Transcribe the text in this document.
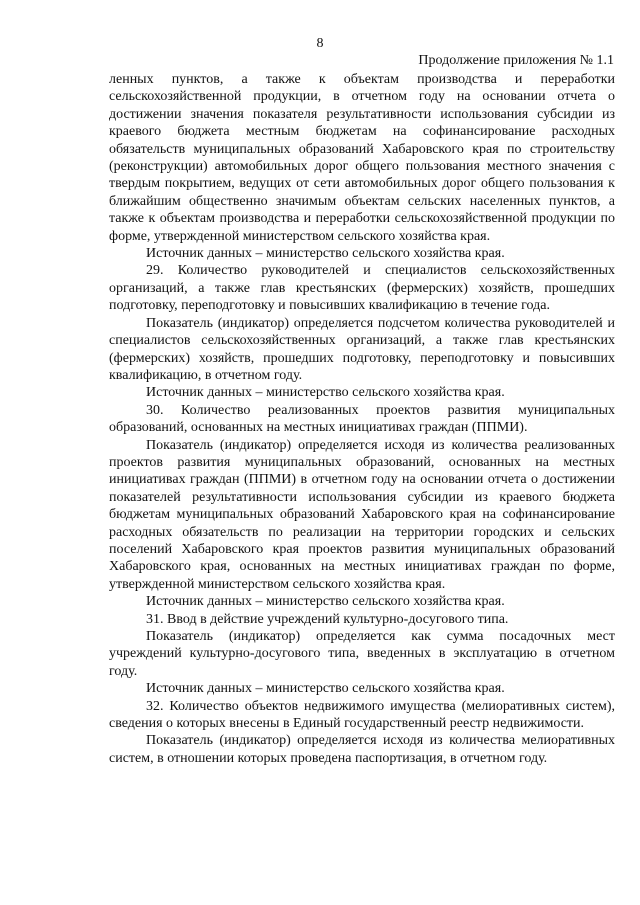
8
Продолжение приложения № 1.1

ленных пунктов, а также к объектам производства и переработки сельскохозяйственной продукции, в отчетном году на основании отчета о достижении значения показателя результативности использования субсидии из краевого бюджета местным бюджетам на софинансирование расходных обязательств муниципальных образований Хабаровского края по строительству (реконструкции) автомобильных дорог общего пользования местного значения с твердым покрытием, ведущих от сети автомобильных дорог общего пользования к ближайшим общественно значимым объектам сельских населенных пунктов, а также к объектам производства и переработки сельскохозяйственной продукции по форме, утвержденной министерством сельского хозяйства края.

Источник данных – министерство сельского хозяйства края.

29. Количество руководителей и специалистов сельскохозяйственных организаций, а также глав крестьянских (фермерских) хозяйств, прошедших подготовку, переподготовку и повысивших квалификацию в течение года.

Показатель (индикатор) определяется подсчетом количества руководителей и специалистов сельскохозяйственных организаций, а также глав крестьянских (фермерских) хозяйств, прошедших подготовку, переподготовку и повысивших квалификацию, в отчетном году.

Источник данных – министерство сельского хозяйства края.

30. Количество реализованных проектов развития муниципальных образований, основанных на местных инициативах граждан (ППМИ).

Показатель (индикатор) определяется исходя из количества реализованных проектов развития муниципальных образований, основанных на местных инициативах граждан (ППМИ) в отчетном году на основании отчета о достижении показателей результативности использования субсидии из краевого бюджета бюджетам муниципальных образований Хабаровского края на софинансирование расходных обязательств по реализации на территории городских и сельских поселений Хабаровского края проектов развития муниципальных образований Хабаровского края, основанных на местных инициативах граждан по форме, утвержденной министерством сельского хозяйства края.

Источник данных – министерство сельского хозяйства края.

31. Ввод в действие учреждений культурно-досугового типа.

Показатель (индикатор) определяется как сумма посадочных мест учреждений культурно-досугового типа, введенных в эксплуатацию в отчетном году.

Источник данных – министерство сельского хозяйства края.

32. Количество объектов недвижимого имущества (мелиоративных систем), сведения о которых внесены в Единый государственный реестр недвижимости.

Показатель (индикатор) определяется исходя из количества мелиоративных систем, в отношении которых проведена паспортизация, в отчетном году.
